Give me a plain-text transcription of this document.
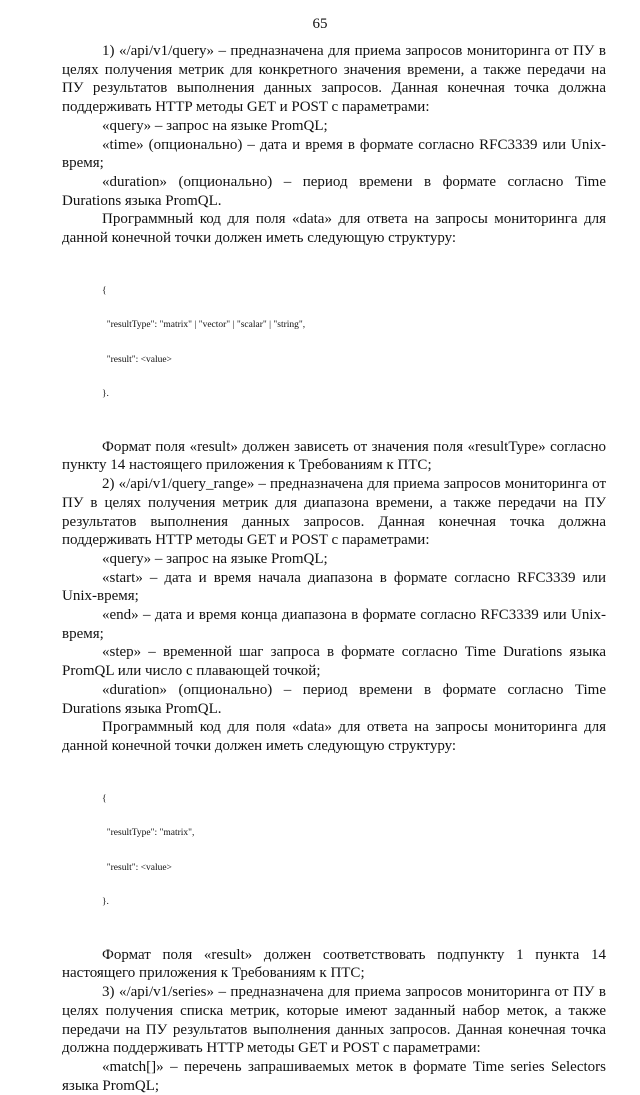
65

1) «/api/v1/query» – предназначена для приема запросов мониторинга от ПУ в целях получения метрик для конкретного значения времени, а также передачи на ПУ результатов выполнения данных запросов. Данная конечная точка должна поддерживать HTTP методы GET и POST с параметрами:

«query» – запрос на языке PromQL;

«time» (опционально) – дата и время в формате согласно RFC3339 или Unix-время;

«duration» (опционально) – период времени в формате согласно Time Durations языка PromQL.

Программный код для поля «data» для ответа на запросы мониторинга для данной конечной точки должен иметь следующую структуру:

{

"resultType": "matrix" | "vector" | "scalar" | "string",

"result": <value>

}.

Формат поля «result» должен зависеть от значения поля «resultType» согласно пункту 14 настоящего приложения к Требованиям к ПТС;

2) «/api/v1/query_range» – предназначена для приема запросов мониторинга от ПУ в целях получения метрик для диапазона времени, а также передачи на ПУ результатов выполнения данных запросов. Данная конечная точка должна поддерживать HTTP методы GET и POST с параметрами:

«query» – запрос на языке PromQL;

«start» – дата и время начала диапазона в формате согласно RFC3339 или Unix-время;

«end» – дата и время конца диапазона в формате согласно RFC3339 или Unix-время;

«step» – временной шаг запроса в формате согласно Time Durations языка PromQL или число с плавающей точкой;

«duration» (опционально) – период времени в формате согласно Time Durations языка PromQL.

Программный код для поля «data» для ответа на запросы мониторинга для данной конечной точки должен иметь следующую структуру:

{

"resultType": "matrix",

"result": <value>

}.

Формат поля «result» должен соответствовать подпункту 1 пункта 14 настоящего приложения к Требованиям к ПТС;

3) «/api/v1/series» – предназначена для приема запросов мониторинга от ПУ в целях получения списка метрик, которые имеют заданный набор меток, а также передачи на ПУ результатов выполнения данных запросов. Данная конечная точка должна поддерживать HTTP методы GET и POST с параметрами:

«match[]» – перечень запрашиваемых меток в формате Time series Selectors языка PromQL;
